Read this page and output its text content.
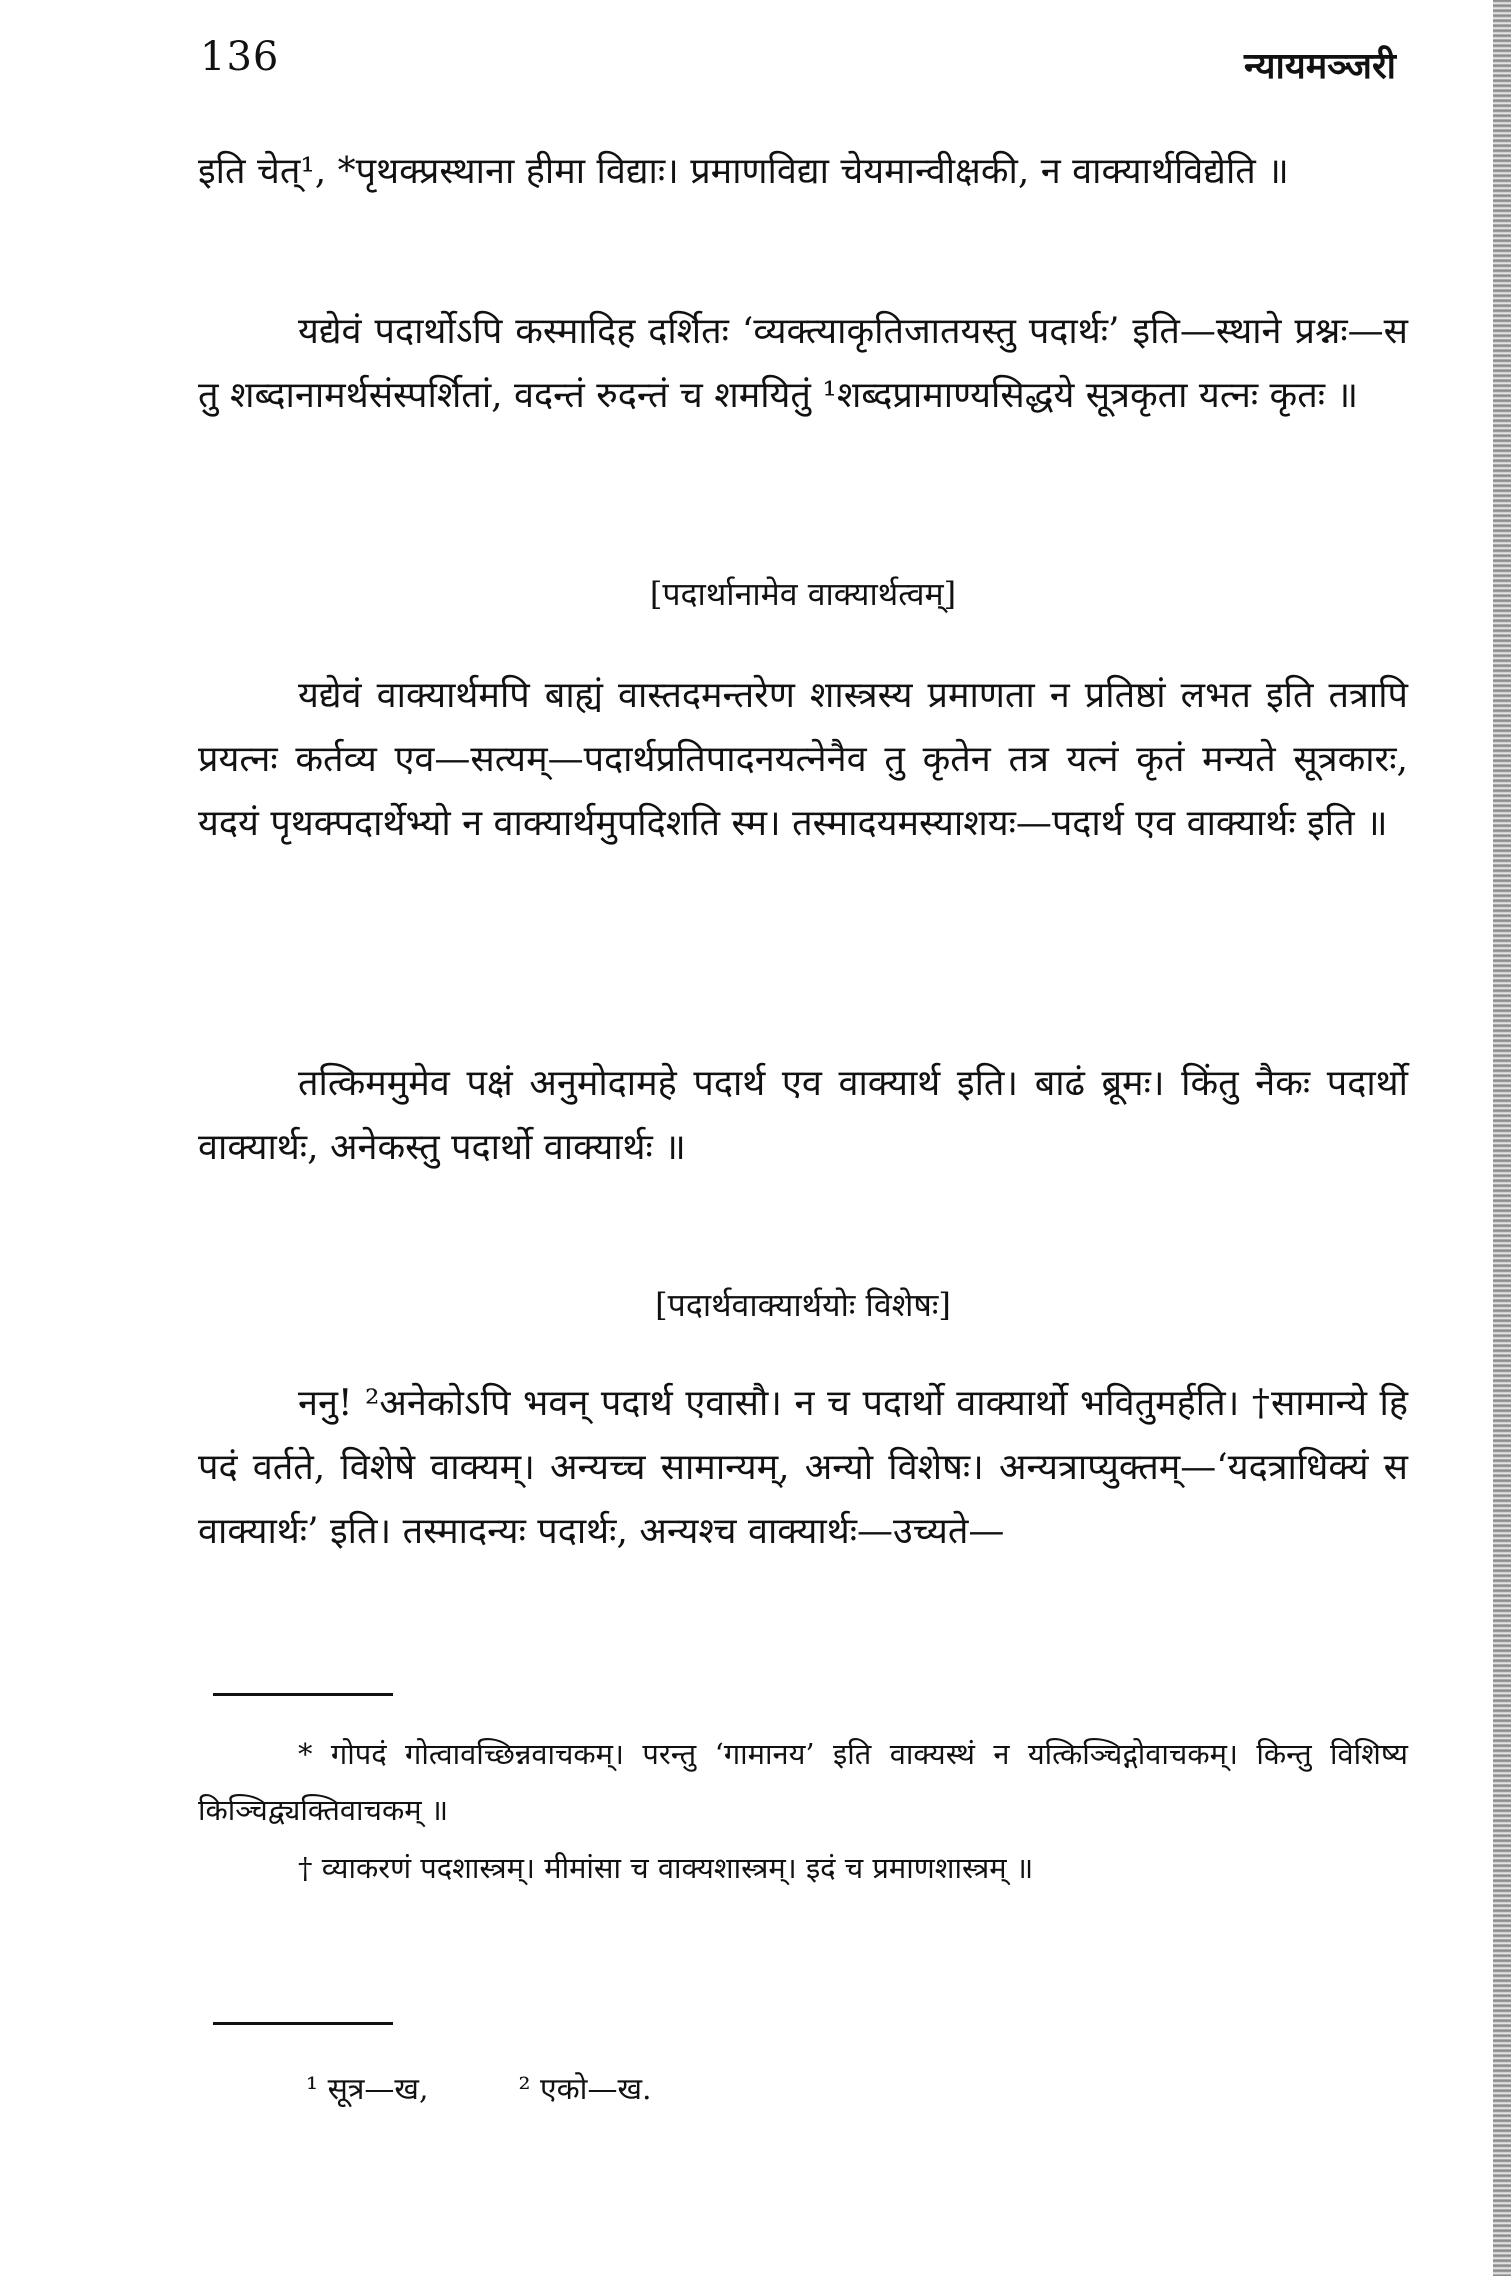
136	न्यायमञ्जरी

इति चेत्¹, *पृथक्प्रस्थाना हीमा विद्याः। प्रमाणविद्या चेयमान्वीक्षकी, न वाक्यार्थविद्येति ॥

यद्येवं पदार्थोऽपि कस्मादिह दर्शितः ‘व्यक्त्याकृतिजातयस्तु पदार्थः’ इति—स्थाने प्रश्नः—स तु शब्दानामर्थसंस्पर्शितां, वदन्तं रुदन्तं च शमयितुं ¹शब्दप्रामाण्यसिद्धये सूत्रकृता यत्नः कृतः ॥

[पदार्थानामेव वाक्यार्थत्वम्]

यद्येवं वाक्यार्थमपि बाह्यं वास्तदमन्तरेण शास्त्रस्य प्रमाणता न प्रतिष्ठां लभत इति तत्रापि प्रयत्नः कर्तव्य एव—सत्यम्—पदार्थप्रतिपादनयत्नेनैव तु कृतेन तत्र यत्नं कृतं मन्यते सूत्रकारः, यदयं पृथक्पदार्थेभ्यो न वाक्यार्थमुपदिशति स्म। तस्मादयमस्याशयः—पदार्थ एव वाक्यार्थः इति ॥

तत्किममुमेव पक्षं अनुमोदामहे पदार्थ एव वाक्यार्थ इति। बाढं ब्रूमः। किंतु नैकः पदार्थो वाक्यार्थः, अनेकस्तु पदार्थो वाक्यार्थः ॥

[पदार्थवाक्यार्थयोः विशेषः]

ननु! ²अनेकोऽपि भवन् पदार्थ एवासौ। न च पदार्थो वाक्यार्थो भवितुमर्हति। †सामान्ये हि पदं वर्तते, विशेषे वाक्यम्। अन्यच्च सामान्यम्, अन्यो विशेषः। अन्यत्राप्युक्तम्—‘यदत्राधिक्यं स वाक्यार्थः’ इति। तस्मादन्यः पदार्थः, अन्यश्च वाक्यार्थः—उच्यते—

* गोपदं गोत्वावच्छिन्नवाचकम्। परन्तु ‘गामानय’ इति वाक्यस्थं न यत्किञ्चिद्गोवाचकम्। किन्तु विशिष्य किञ्चिद्व्यक्तिवाचकम् ॥

† व्याकरणं पदशास्त्रम्। मीमांसा च वाक्यशास्त्रम्। इदं च प्रमाणशास्त्रम् ॥

¹ सूत्र—ख,	² एको—ख.
